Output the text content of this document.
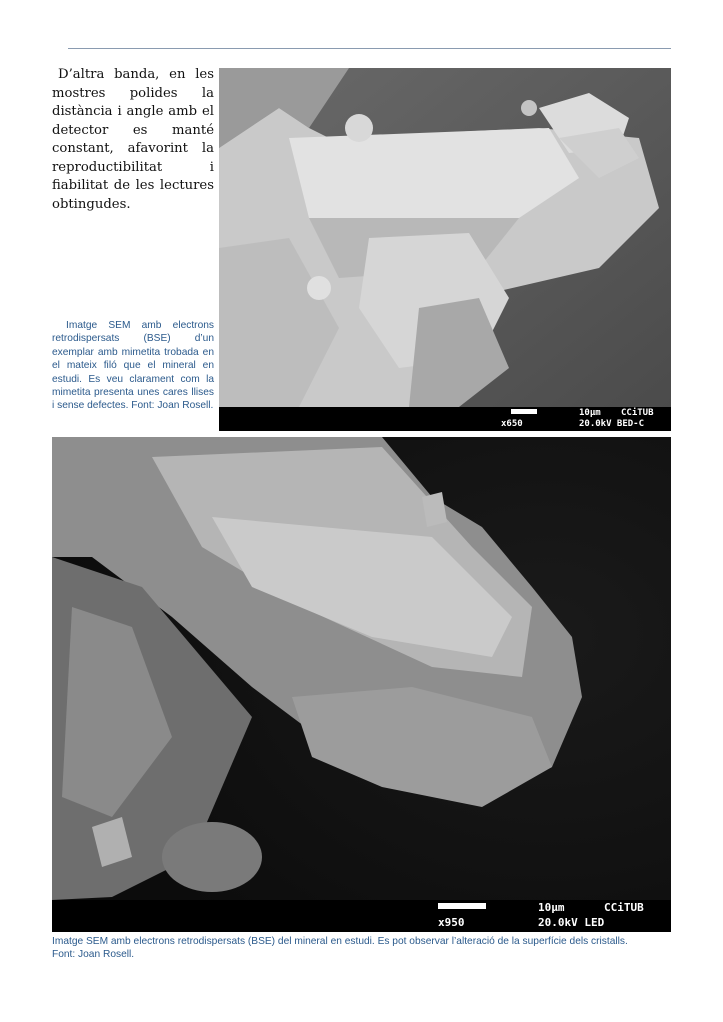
D’altra banda, en les mostres polides la distància i angle amb el detector es manté constant, afavorint la reproductibilitat i fiabilitat de les lectures obtingudes.

10µm CCiTUB
x650	20.0kV BED-C

Imatge SEM amb electrons retrodispersats (BSE) d’un exemplar amb mimetita trobada en el mateix filó que el mineral en estudi. Es veu clarament com la mimetita presenta unes cares llises i sense defectes. Font: Joan Rosell.

10µm	CCiTUB
x950	20.0kV LED
Imatge SEM amb electrons retrodispersats (BSE) del mineral en estudi. Es pot observar l’alteració de la superfície dels cristalls.
Font: Joan Rosell.
